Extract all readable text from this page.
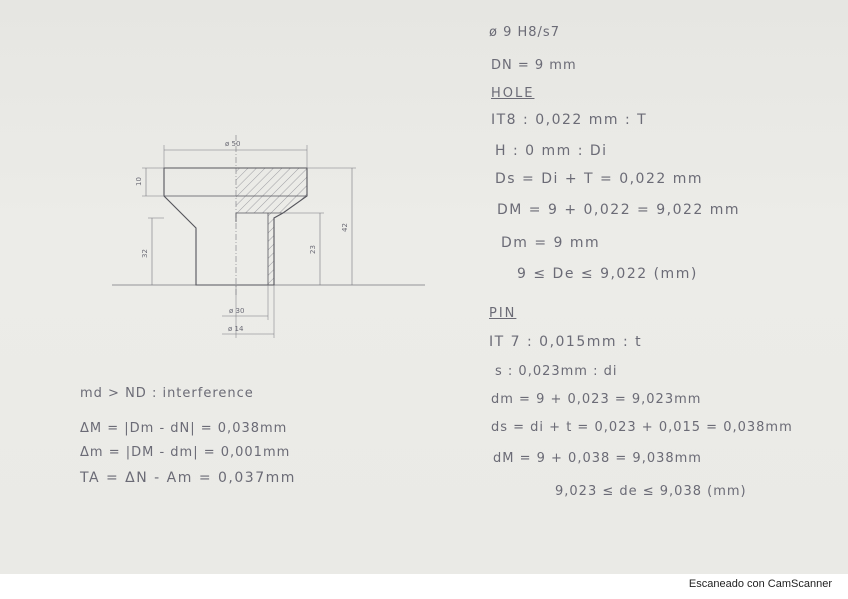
ø 50
10
32
42
23
ø 30
ø 14
md > ND : interference
ΔM = |Dm - dN| = 0,038mm
Δm = |DM - dm| = 0,001mm
TA = ΔN - Am = 0,037mm
ø 9 H8/s7
DN = 9 mm
HOLE
IT8 : 0,022 mm : T
H : 0 mm : Di
Ds = Di + T = 0,022 mm
DM = 9 + 0,022 = 9,022 mm
Dm = 9 mm
9 ≤ De ≤ 9,022 (mm)
PIN
IT 7 : 0,015mm : t
s : 0,023mm : di
dm = 9 + 0,023 = 9,023mm
ds = di + t = 0,023 + 0,015 = 0,038mm
dM = 9 + 0,038 = 9,038mm
9,023 ≤ de ≤ 9,038 (mm)
Escaneado con CamScanner
